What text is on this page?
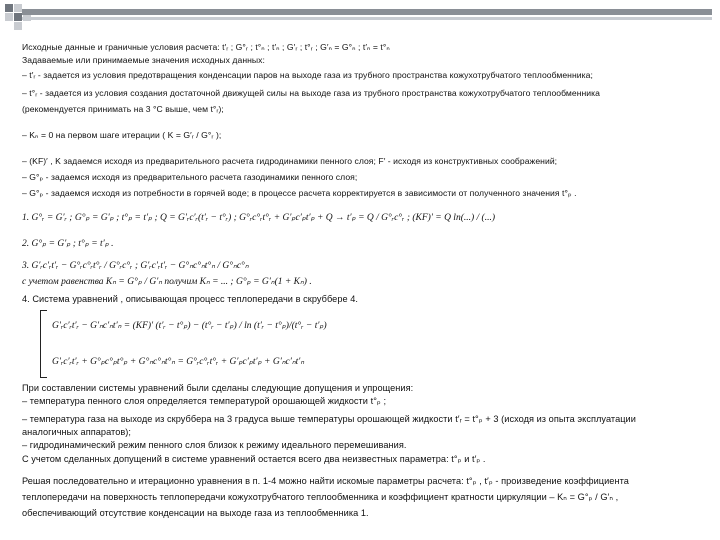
Исходные данные и граничные условия расчета: t′ᵣ ; G°ᵣ ; t°ₙ ; t′ₙ ; G′ᵣ ; t°ᵣ ; G′ₙ = G°ₙ ; t′ₙ = t°ₙ
Задаваемые или принимаемые значения исходных данных:
– t′ᵣ - задается из условия предотвращения конденсации паров на выходе газа из трубного пространства кожухотрубчатого теплообменника;
– t°ᵣ - задается из условия создания достаточной движущей силы на выходе газа из трубного пространства кожухотрубчатого теплообменника
(рекомендуется принимать на 3 °С выше, чем t°ᵣ);
– Kₙ = 0 на первом шаге итерации ( K = G′ᵣ / G°ᵣ );
– (KF)′ , K задаемся исходя из предварительного расчета гидродинамики пенного слоя; F′ - исходя из конструктивных соображений;
– G°ₚ - задаемся исходя из предварительного расчета газодинамики пенного слоя;
– G°ₚ - задаемся исходя из потребности в горячей воде; в процессе расчета корректируется в зависимости от полученного значения t°ₚ .
1. G°ᵣ = G′ᵣ ; G°ₚ = G′ₚ ; t°ₚ = t′ₚ ; Q = G′ᵣc′ᵣ(t′ᵣ − t°ᵣ) ; G°ᵣc°ᵣt°ᵣ + G′ₚc′ₚt′ₚ + Q → t′ₚ = Q / G°ᵣc°ᵣ ; (KF)′ = Q ln(...) / (...)
2. G°ₚ = G′ₚ ; t°ₚ = t′ₚ .
3. G′ᵣc′ᵣt′ᵣ − G°ᵣc°ᵣt°ᵣ / G°ᵣc°ᵣ ; G′ᵣc′ᵣt′ᵣ − G°ₙc°ₙt°ₙ / G°ₙc°ₙ
с учетом равенства Kₙ = G°ₚ / G′ₙ получим Kₙ = ... ; G°ₚ = G′ₙ(1 + Kₙ) .
4. Система уравнений , описывающая процесс теплопередачи в скруббере 4.
G′ᵣc′ᵣt′ᵣ − G′ₙc′ₙt′ₙ = (KF)′ (t′ᵣ − t°ₚ) − (t°ᵣ − t′ₚ) / ln (t′ᵣ − t°ₚ)/(t°ᵣ − t′ₚ)
G′ᵣc′ᵣt′ᵣ + G°ₚc°ₚt°ₚ + G°ₙc°ₙt°ₙ = G°ᵣc°ᵣt°ᵣ + G′ₚc′ₚt′ₚ + G′ₙc′ₙt′ₙ
При составлении системы уравнений были сделаны следующие допущения и упрощения:
– температура пенного слоя определяется температурой орошающей жидкости t°ₚ ;
– температура газа на выходе из скруббера на 3 градуса выше температуры орошающей жидкости t′ᵣ = t°ₚ + 3 (исходя из опыта эксплуатации
аналогичных аппаратов);
– гидродинамический режим пенного слоя близок к режиму идеального перемешивания.
С учетом сделанных допущений в системе уравнений остается всего два неизвестных параметра: t°ₚ и t′ₚ .
Решая последовательно и итерационно уравнения в п. 1-4 можно найти искомые параметры расчета: t°ₚ , t′ₚ - произведение коэффициента
теплопередачи на поверхность теплопередачи кожухотрубчатого теплообменника и коэффициент кратности циркуляции – Kₙ = G°ₚ / G′ₙ ,
обеспечивающий отсутствие конденсации на выходе газа из теплообменника 1.
